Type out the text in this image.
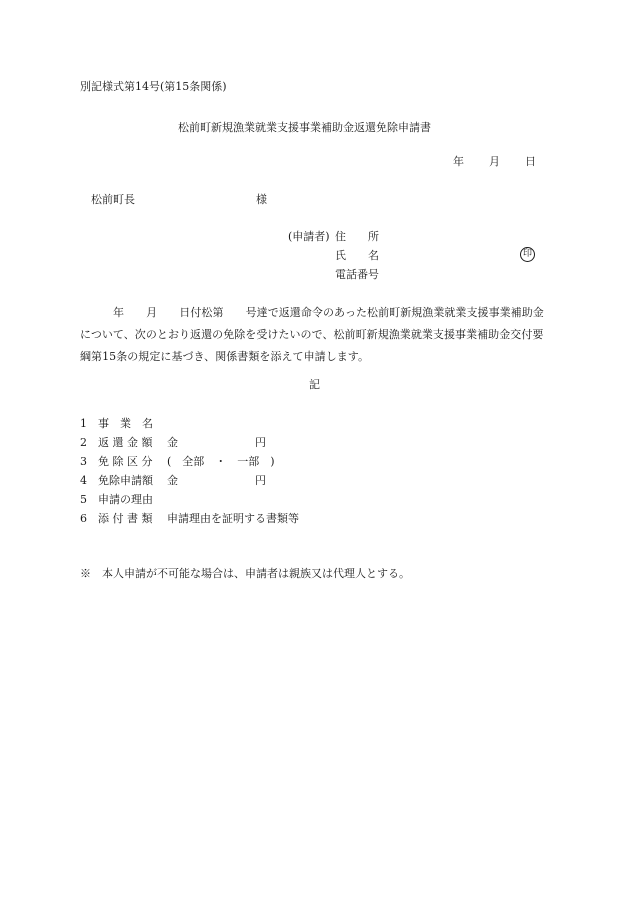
別記様式第14号(第15条関係)
松前町新規漁業就業支援事業補助金返還免除申請書
年　　月　　日
松前町長	様
(申請者) 住　　所
氏　　名	印
電話番号
年　　月　　日付松第　　号達で返還命令のあった松前町新規漁業就業支援事業補助金について、次のとおり返還の免除を受けたいので、松前町新規漁業就業支援事業補助金交付要綱第15条の規定に基づき、関係書類を添えて申請します。
記
1 事　業　名
2 返 還 金 額 金　　　　　　　円
3 免 除 区 分 (　全部　・　一部　)
4 免除申請額 金　　　　　　　円
5 申請の理由
6 添 付 書 類 申請理由を証明する書類等
※　本人申請が不可能な場合は、申請者は親族又は代理人とする。
